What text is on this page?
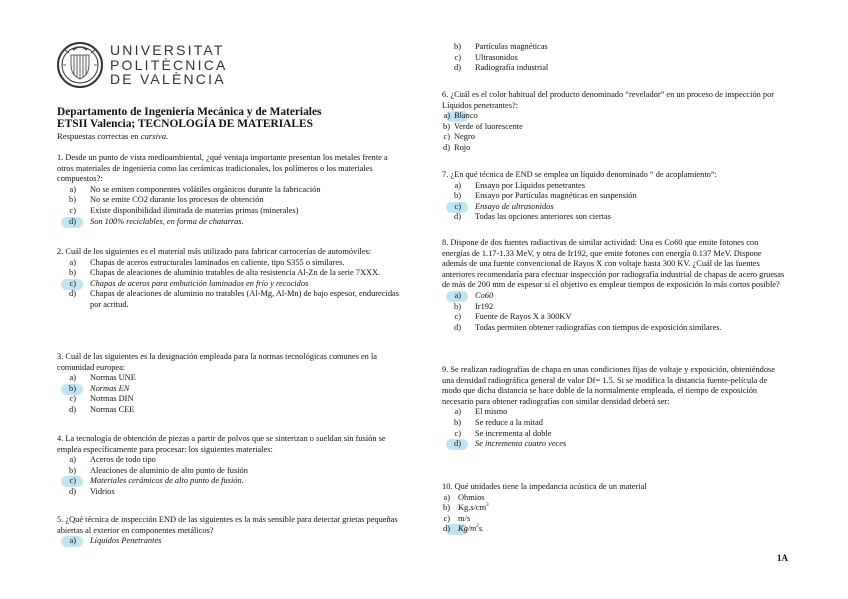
UNIVERSITAT
POLITÈCNICA
DE VALÈNCIA
Departamento de Ingeniería Mecánica y de Materiales
ETSII Valencia; TECNOLOGÍA DE MATERIALES
Respuestas correctas en cursiva.

1. Desde un punto de vista medioambiental, ¿qué ventaja importante presentan los metales frente a otros materiales de ingeniería como las cerámicas tradicionales, los polímeros o los materiales compuestos?:

a)	No se emiten componentes volátiles orgánicos durante la fabricación
b)	No se emite CO2 durante los procesos de obtención
c)	Existe disponibilidad ilimitada de materias primas (minerales)
d)	Son 100% reciclables, en forma de chatarras.

2. Cuál de los siguientes es el material más utilizado para fabricar carrocerías de automóviles:

a)	Chapas de aceros estructurales laminados en caliente, tipo S355 o similares.
b)	Chapas de aleaciones de aluminio tratables de alta resistencia Al-Zn de la serie 7XXX.
c)	Chapas de aceros para embutición laminados en frío y recocidos
d)	Chapas de aleaciones de aluminio no tratables (Al-Mg, Al-Mn) de bajo espesor, endurecidas por acritud.

3. Cuál de las siguientes es la designación empleada para la normas tecnológicas comunes en la comunidad europea:

a)	Normas UNE
b)	Normas EN
c)	Normas DIN
d)	Normas CEE

4. La tecnología de obtención de piezas a partir de polvos que se sinterizan o sueldan sin fusión se emplea específicamente para procesar: los siguientes materiales:

a)	Aceros de todo tipo
b)	Aleaciones de aluminio de alto punto de fusión
c)	Materiales cerámicos de alto punto de fusión.
d)	Vidrios

5. ¿Qué técnica de inspección END de las siguientes es la más sensible para detectar grietas pequeñas abiertas al exterior en componentes metálicos?

a)	Líquidos Penetrantes
b)	Partículas magnéticas
c)	Ultrasonidos
d)	Radiografía industrial

6. ¿Cuál es el color habitual del producto denominado “revelador” en un proceso de inspección por Líquidos penetrantes?:

a) Blanco
b) Verde of luorescente
c) Negro
d) Rojo

7. ¿En qué técnica de END se emplea un líquido denominado “ de acoplamiento”:

a)	Ensayo por Líquidos penetrantes
b)	Ensayo por Partículas magnéticas en suspensión
c)	Ensayo de ultrasonidos
d)	Todas las opciones anteriores son ciertas

8. Dispone de dos fuentes radiactivas de similar actividad: Una es Co60 que emite fotones con energías de 1.17-1.33 MeV, y otra de Ir192, que emite fotones con energía 0.137 MeV. Dispone además de una fuente convencional de Rayos X con voltaje hasta 300 KV. ¿Cuál de las fuentes anteriores recomendaría para efectuar inspección por radiografía industrial de chapas de acero gruesas de más de 200 mm de espesor si el objetivo es emplear tiempos de exposición lo más cortos posible?

a)	Co60
b)	Ir192
c)	Fuente de Rayos X a 300KV
d)	Todas permiten obtener radiografías con tiempos de exposición similares.

9. Se realizan radiografías de chapa en unas condiciones fijas de voltaje y exposición, obteniéndose una densidad radiográfica general de valor Df= 1.5. Si se modifica la distancia fuente-película de modo que dicha distancia se hace doble de la normalmente empleada, el tiempo de exposición necesario para obtener radiografías con similar densidad deberá ser:

a)	El mismo
b)	Se reduce a la mitad
c)	Se incrementa al doble
d)	Se incrementa cuatro veces

10. Qué unidades tiene la impedancia acústica de un material

a) Ohmios
b) $Kg.s/cm^3$
c) m/s
d) $Kg/m^2s$.
1A
